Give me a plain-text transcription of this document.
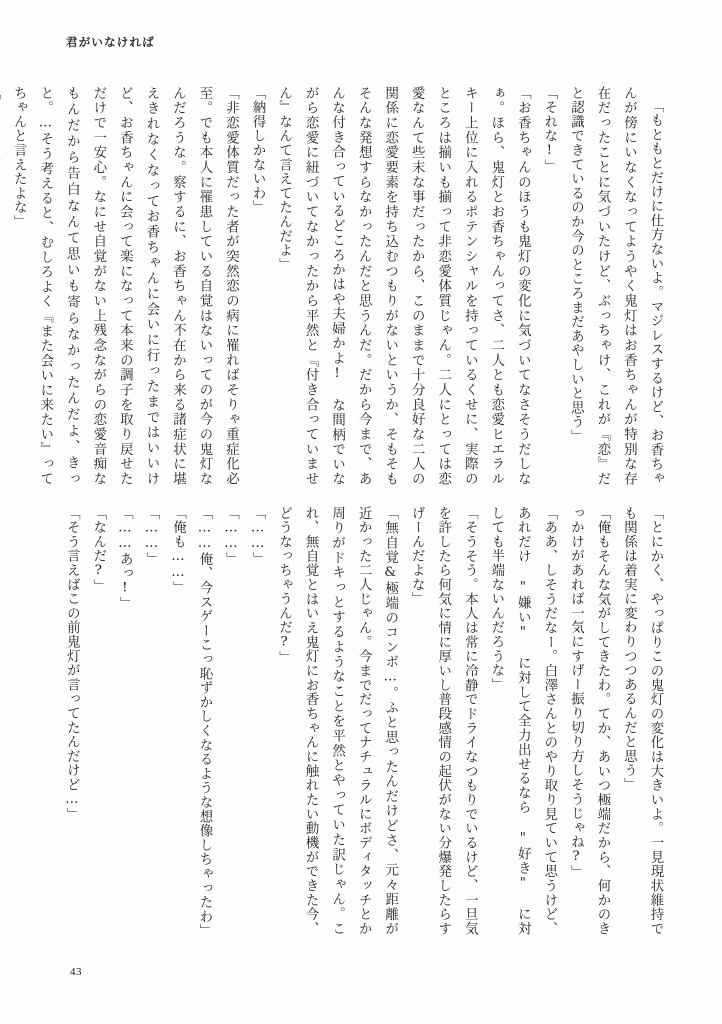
君がいなければ

「もともとだけに仕方ないよ。マジレスするけど、お香ちゃんが傍にいなくなってようやく鬼灯はお香ちゃんが特別な存在だったことに気づいたけど、ぶっちゃけ、これが『恋』だと認識できているのか今のところまだあやしいと思う」

「それな!」

「お香ちゃんのほうも鬼灯の変化に気づいてなさそうだしなぁ。ほら、鬼灯とお香ちゃんってさ、二人とも恋愛ヒエラルキー上位に入れるポテンシャルを持っているくせに、実際のところは揃いも揃って非恋愛体質じゃん。二人にとっては恋愛なんて些末な事だったから、このままで十分良好な二人の関係に恋愛要素を持ち込むつもりがないというか、そもそもそんな発想すらなかったんだと思うんだ。だから今まで、あんな付き合っているどころかはや夫婦かよ! な間柄でいながら恋愛に紐づいてなかったから平然と『付き合っていません』なんて言えてたんだよ」

「納得しかないわ」

「非恋愛体質だった者が突然恋の病に罹ればそりゃ重症化必至。でも本人に罹患している自覚はないってのが今の鬼灯なんだろうな。察するに、お香ちゃん不在から来る諸症状に堪えきれなくなってお香ちゃんに会いに行ったまではいいけど、お香ちゃんに会って楽になって本来の調子を取り戻せただけで一安心。なにせ自覚がない上残念ながらの恋愛音痴なもんだから告白なんて思いも寄らなかったんだよ、きっと。…そう考えると、むしろよく『また会いに来たい』ってちゃんと言えたよな」

「とにかく、やっぱりこの鬼灯の変化は大きいよ。一見現状維持でも関係は着実に変わりつつあるんだと思う」

「俺もそんな気がしてきたわ。てか、あいつ極端だから、何かのきっかけがあれば一気にすげー振り切り方しそうじゃね?」

「ああ、しそうだなー。白澤さんとのやり取り見ていて思うけど、あれだけ "嫌い" に対して全力出せるなら "好き" に対しても半端ないんだろうな」

「そうそう。本人は常に冷静でドライなつもりでいるけど、一旦気を許したら何気に情に厚いし普段感情の起伏がない分爆発したらすげーんだよな」

「無自覚&極端のコンボ…。ふと思ったんだけどさ、元々距離が近かった二人じゃん。今までだってナチュラルにボディタッチとか周りがドキっとするようなことを平然とやっていた訳じゃん。これ、無自覚とはいえ鬼灯にお香ちゃんに触れたい動機ができた今、どうなっちゃうんだ?」

「……」

「……」

「……俺、今スゲーこっ恥ずかしくなるような想像しちゃったわ」

「俺も……」

「……」

「……あっ!」

「なんだ?」

「そう言えばこの前鬼灯が言ってたんだけど…」

43
